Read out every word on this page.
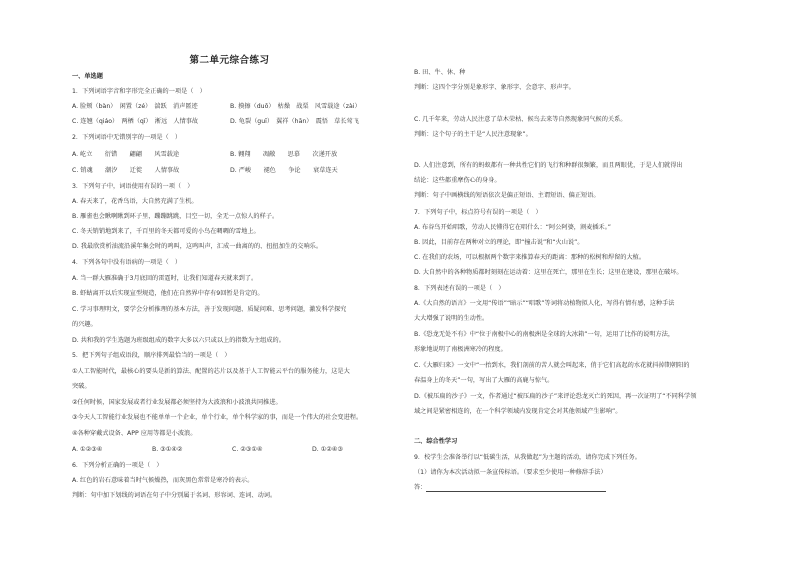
第二单元综合练习
一、单选题
1．下列词语字音和字形完全正确的一项是（　）
A. 脸颊（bàn）　闲置（zé）　湍跃　消声匿迹	B. 摸擦（duō）　枯燥　战栗　风雪载途（zài）
C. 连翘（qiáo）　两栖（qī）　淅远　人情事故	D. 龟裂（guī）　翼祥（hān）　震悟　草长莺飞
2．下列词语中无错别字的一项是（　）
A. 屹立　　衍错　　翩翩　　风雪载途	B. 翱翔　　凋敝　　思慕　　次递开放
C. 销魂　　潮汐　　迁徙　　人情事故	D. 严峻　　褪色　　争论　　衰草连天
3．下列句子中，词语使用有误的一项（　）
A. 春天来了，花香鸟语，大自然充满了生机。
B. 雁雀也会瞅啊瞅到环子里，蹦蹦跳跳，目空一切，全无一点惊人的样子。
C. 冬天销销地到来了，千百里的冬天都可爱的小鸟在啁啁的雪地上。
D. 我最欣赏析油流沿溪年集会时的鸣叫，这鸣叫声，汇成一曲离的的、扭扭加生的交响乐。
4．下列各句中没有语病的一项是（　）
A. 当一群大雁准确于3月底回的雷霆时，让我们知道春天就来到了。
B. 虾蛄离开以后实现宣型规造，他们在自然界中存有9回暂是肯定的。
C. 学习事理明文，要学会分析推理的基本方法，善于发现问题、质疑问难、思考问题，激发科学探究
的兴趣。
D. 共和我的学生选题为班级组成的数字大多以六只或以上的指数为主组成的。
5．把下列句子组成语段，顺序排列最恰当的一项是（　）
①人工智能时代，最核心的要头是新的算法、配置的芯片以及基于人工智能云平台的服务能力，这是大
突破。
②任何时候，国家发展或者行业发展都必须坚持为大波浪和小波浪共同推进。
③今天人工智能行业发展也不能单单一个企业，单个行业，单个科学家的事，而是一个伟大的社会变进程。
④各种穿戴式设备、APP 应用等都是小波浪。
A. ①②③④	B. ③①④②	C. ②③①④	D. ①②④③
6．下列分析正确的一项是（　）
A. 红色的岩石意味着当时气候燥热，而灰黑色常常是寒冷的表示。
判断：句中加下划线的词语在句子中分别属于名词、形容词、连词、动词。
B. 田、牛、休、种
判断：这四个字分别是象形字、象形字、会意字、形声字。
C. 几千年来，劳动人民注意了草木荣枯、候鸟去来等自然现象同气候的关系。
判断：这个句子的主干是“人民注意现象”。
D. 人们注意到，所有的蚂蚁都有一种共性它们的飞行和种群很频繁，而且两眼优，于是人们就得出
结论：这些都重摩伤心的身身。
判断：句子中画横线的短语依次是偏正短语、主谓短语、偏正短语。
7．下列句子中，标点符号有误的一项是（　）
A. 布谷鸟开始唱歌，劳动人民懂得它在唱什么：“阿公阿婆，割麦插禾。”
B. 因此，目前存在两种对立的理论，即“撞击说”和“火山说”。
C. 在我们的农场，可以根据两个数字来推算春天的距离：那种的松树和焊留的大植。
D. 大自然中的各种物质都时刻刻在运动着：这里在死亡，那里在生长；这里在建设，那里在破坏。
8．下列表述有误的一项是（　）
A.《大自然的语言》一文用“传语”“暗示”“唱歌”等词将动植物拟人化，写得有情有感，这种手法
大大增强了说明的生动性。
B.《恐龙无处不有》中“位于南极中心的南极洲是全球的大冰箱”一句，运用了比作的说明方法，
形象地说明了南极洲寒冷的程度。
C.《大雁归来》一文中“一抬到水，我们剖前的苦人就会叫起来，俏于它们高起的水花就抖掉期朝阳的
春温身上的冬天”一句，写出了大雁的高鹿与惊气。
D.《被压扁的沙子》一文，作者通过“被压扁的沙子”来评论恐龙灭亡的死因，再一次证明了“不同科学领
域之间是紧密相连的，在一个科学领域内发现肯定会对其他领域产生影响”。
二、综合性学习
9．校学生会准备举行以“低碳生活，从我做起”为主题的活动，请你完成下列任务。
（1）请你为本次活动拟一条宣传标语。（要求至少使用一种修辞手法）
答：
